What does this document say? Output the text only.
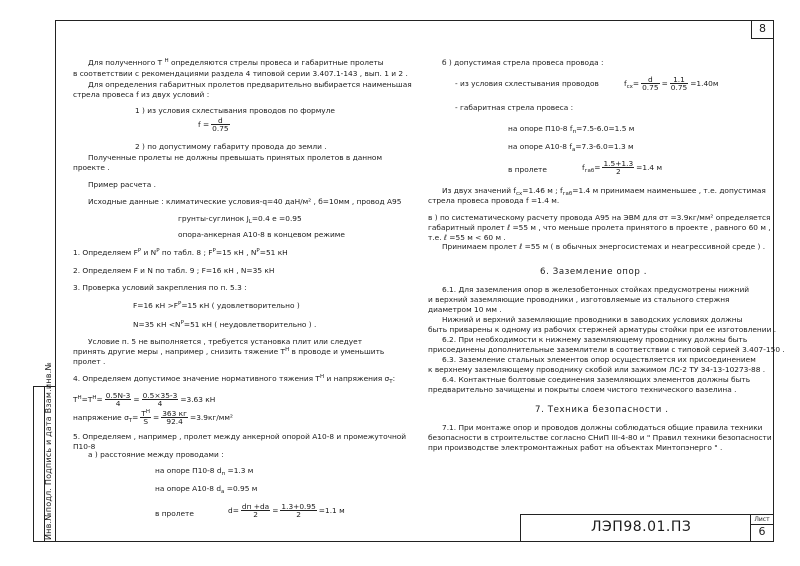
8
Инв.№подл. Подпись и дата Взам.инв.№	ЛЭП98.01.ПЗ	Лист
6
Для полученного Т $^Н$ определяются стрелы провеса и габаритные пролеты
в соответствии с рекомендациями раздела 4 типовой серии 3.407.1-143 , вып. 1 и 2 .
Для определения габаритных пролетов предварительно выбирается наименьшая
стрела провеса f из двух условий :
1 ) из условия схлестывания проводов по формуле
$f = \frac{d}{0.75}$
2 ) по допустимому габариту провода до земли .
Полученные пролеты не должны превышать принятых пролетов в данном
проекте .
Пример расчета .
Исходные данные : климатические условия-q=40 даН/м² , б=10мм , провод А95
грунты-суглинок $J_L=0.4$ е =0.95
опора-анкерная А10-8 в концевом режиме
1. Определяем $F^Р$ и $N^Р$ по табл. 8 ; $F^Р=15$ кН , $N^Р=51$ кН
2. Определяем F и N по табл. 9 ; F=16 кН , N=35 кН
3. Проверка условий закрепления по п. 5.3 :
F=16 кН $>F^Р=15$ кН ( удовлетворительно )
N=35 кН $<N^Р=51$ кН ( неудовлетворительно ) .
Условие п. 5 не выполняется , требуется установка плит или следует
принять другие меры , например , снизить тяжение $Т^Н$ в проводе и уменьшить
пролет .
4. Определяем допустимое значение нормативного тяжения $Т^Н$ и напряжения $\sigma_Т$:
$Т^Н=Т^Н= \frac{0.5N-3}{4} = \frac{0.5\times 35-3}{4} =3.63$ кН
напряжение $\sigma_Т= \frac{Т^Н}{S} = \frac{363 кг}{92.4} =3.9кг/мм^2$
5. Определяем , например , пролет между анкерной опорой А10-8 и промежуточной
П10-8
а ) расстояние между проводами :
на опоре П10-8 $d_п =1.3$ м
на опоре А10-8 $d_а =0.95$ м
в пролете	$d= \frac{dп +dа}{2} = \frac{1.3+0.95}{2} =1.1$ м
б ) допустимая стрела провеса провода :
- из условия схлестывания проводов	$f_{сх}= \frac{d}{0.75} = \frac{1.1}{0.75} =1.40м$
- габаритная стрела провеса :
на опоре П10-8 $f_п=7.5-6.0=1.5$ м
на опоре А10-8 $f_а=7.3-6.0=1.3$ м
в пролете	$f_{габ}= \frac{1.5+1.3}{2} =1.4$ м
Из двух значений $f_{сх}=1.46$ м ; $f_{габ}=1.4$ м принимаем наименьшее , т.е. допустимая
стрела провеса провода f =1.4 м.
в ) по систематическому расчету провода А95 на ЭВМ для σт =3.9кг/мм² определяется
габаритный пролет ℓ =55 м , что меньше пролета принятого в проекте , равного 60 м ,
т.е. ℓ =55 м < 60 м .
Принимаем пролет ℓ =55 м ( в обычных энергосистемах и неагрессивной среде ) .
6. Заземление опор .
6.1. Для заземления опор в железобетонных стойках предусмотрены нижний
и верхний заземляющие проводники , изготовляемые из стального стержня
диаметром 10 мм .
Нижний и верхний заземляющие проводники в заводских условиях должны
быть приварены к одному из рабочих стержней арматуры стойки при ее изготовлении .
6.2. При необходимости к нижнему заземляющему проводнику должны быть
присоединены дополнительные заземлители в соответствии с типовой серией 3.407-150 .
6.3. Заземление стальных элементов опор осуществляется их присоединением
к верхнему заземляющему проводнику скобой или зажимом ЛС-2 ТУ 34-13-10273-88 .
6.4. Контактные болтовые соединения заземляющих элементов должны быть
предварительно зачищены и покрыты слоем чистого технического вазелина .
7. Техника безопасности .
7.1. При монтаже опор и проводов должны соблюдаться общие правила техники
безопасности в строительстве согласно СНиП III-4-80 и " Правил техники безопасности
при производстве электромонтажных работ на объектах Минтопэнерго " .
